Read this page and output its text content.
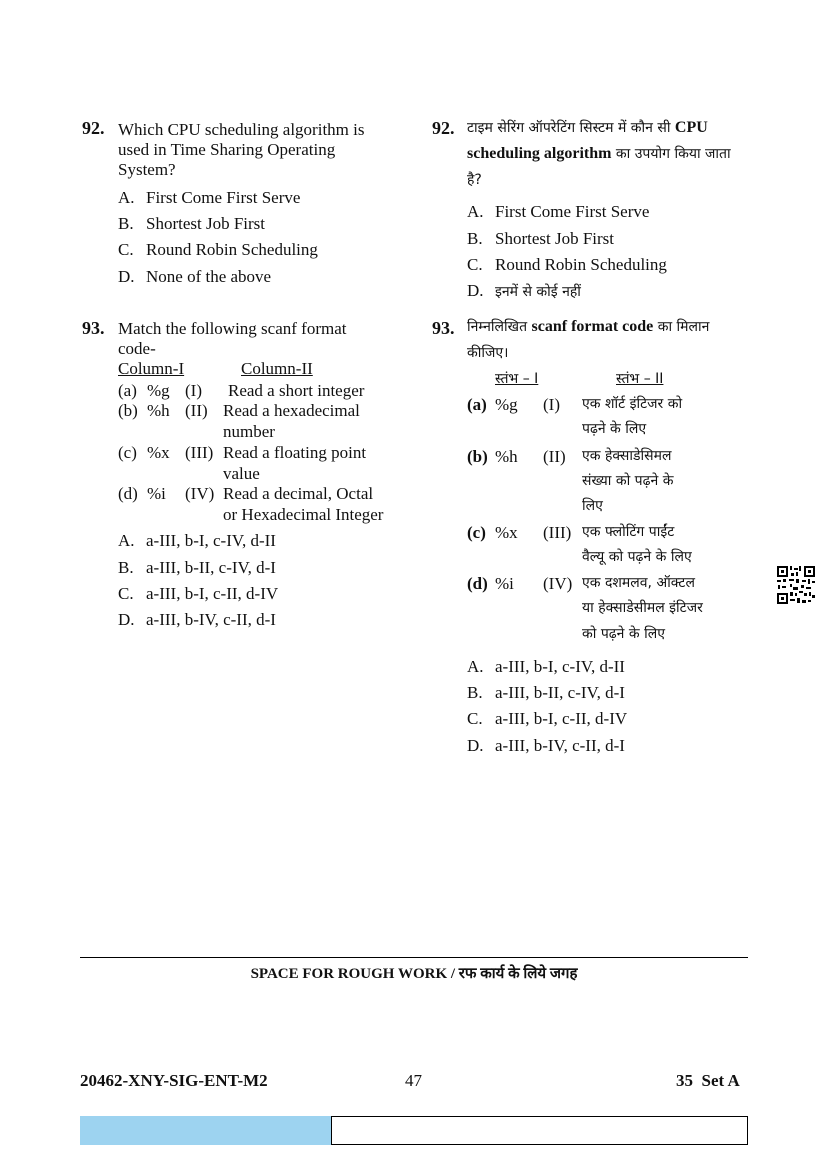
92. Which CPU scheduling algorithm is used in Time Sharing Operating System?
A. First Come First Serve
B. Shortest Job First
C. Round Robin Scheduling
D. None of the above
92. टाइम सेरिंग ऑपरेटिंग सिस्टम में कौन सी CPU scheduling algorithm का उपयोग किया जाता है?
A. First Come First Serve
B. Shortest Job First
C. Round Robin Scheduling
D. इनमें से कोई नहीं
93. Match the following scanf format
code-
Column-I	Column-II
(a) %g (I) Read a short integer
(b) %h (II) Read a hexadecimal
number
(c) %x (III) Read a floating point
value
(d) %i (IV) Read a decimal, Octal
or Hexadecimal Integer
A. a-III, b-I, c-IV, d-II
B. a-III, b-II, c-IV, d-I
C. a-III, b-I, c-II, d-IV
D. a-III, b-IV, c-II, d-I
93. निम्नलिखित scanf format code का मिलान
कीजिए।
स्तंभ – I	स्तंभ – II
(a) %g (I) एक शॉर्ट इंटिजर को
पढ़ने के लिए
(b) %h (II) एक हेक्साडेसिमल
संख्या को पढ़ने के
लिए
(c) %x (III) एक फ्लोटिंग पाईंट
वैल्यू को पढ़ने के लिए
(d) %i (IV) एक दशमलव, ऑक्टल
या हेक्साडेसीमल इंटिजर
को पढ़ने के लिए
A. a-III, b-I, c-IV, d-II
B. a-III, b-II, c-IV, d-I
C. a-III, b-I, c-II, d-IV
D. a-III, b-IV, c-II, d-I
SPACE FOR ROUGH WORK / रफ कार्य के लिये जगह
20462-XNY-SIG-ENT-M2	47	35 Set A
